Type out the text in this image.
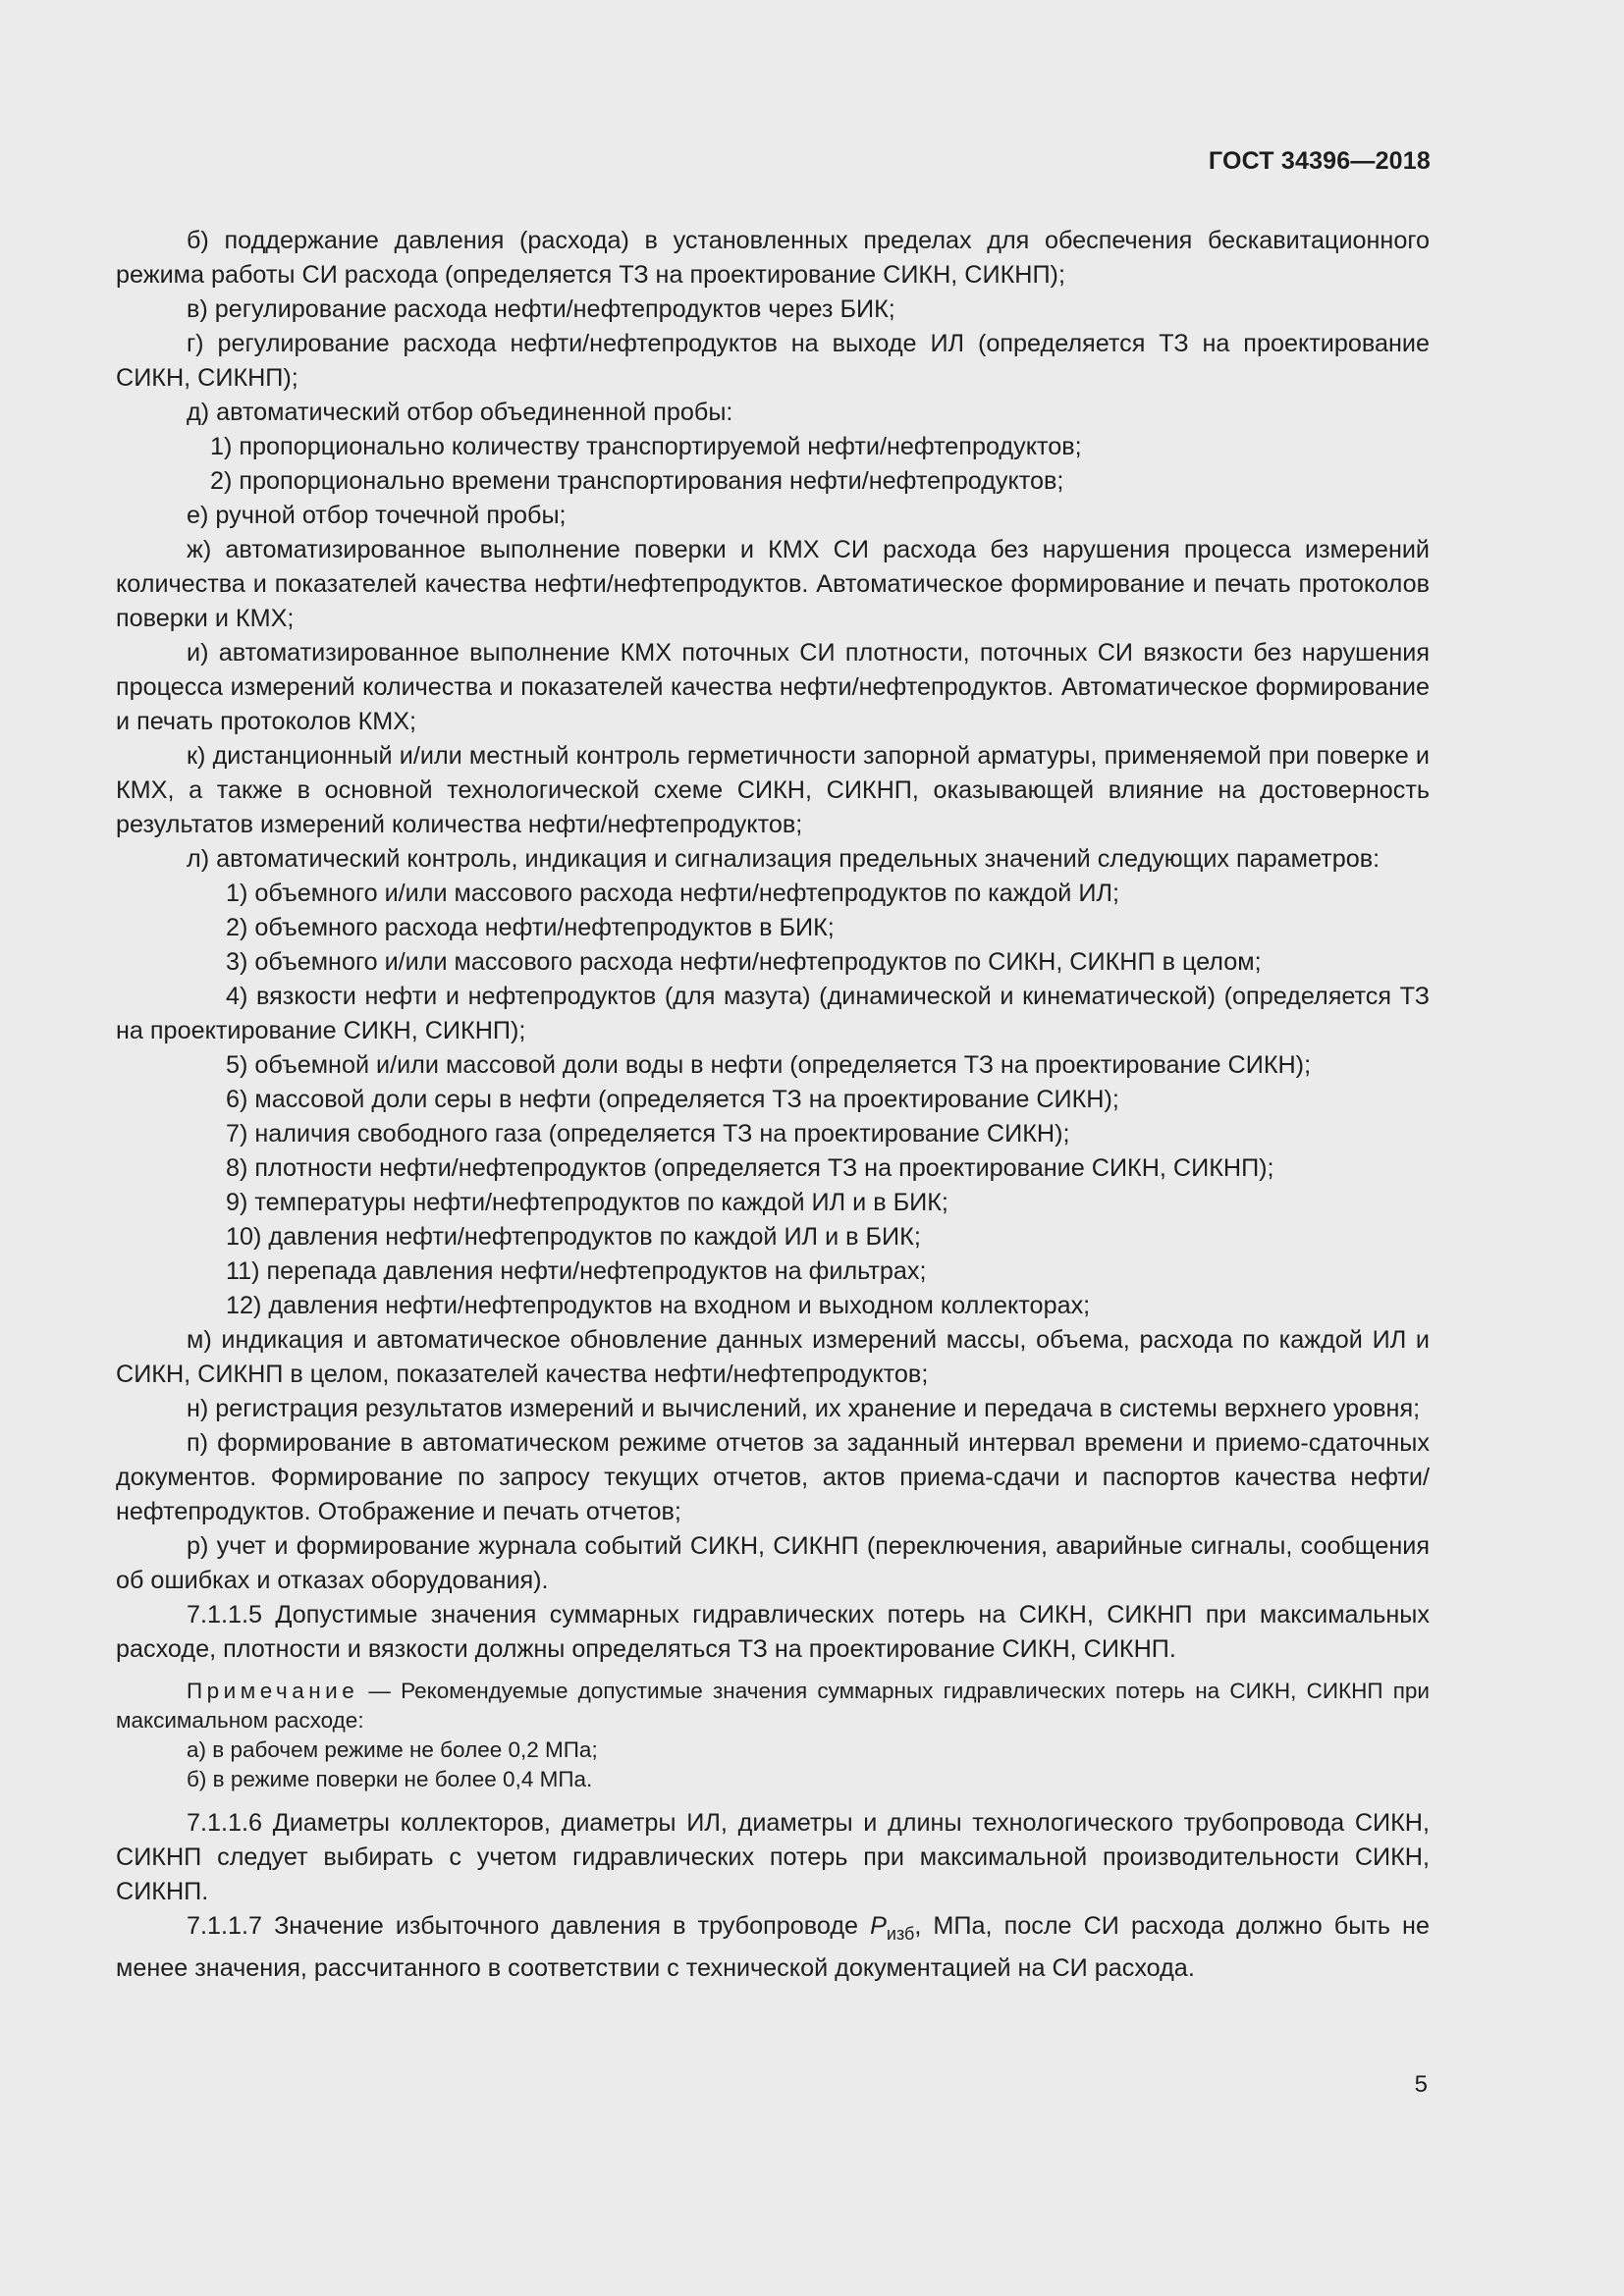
ГОСТ 34396—2018

б) поддержание давления (расхода) в установленных пределах для обеспечения бескавитационного режима работы СИ расхода (определяется ТЗ на проектирование СИКН, СИКНП);

в) регулирование расхода нефти/нефтепродуктов через БИК;

г) регулирование расхода нефти/нефтепродуктов на выходе ИЛ (определяется ТЗ на проектирование СИКН, СИКНП);

д) автоматический отбор объединенной пробы:

1) пропорционально количеству транспортируемой нефти/нефтепродуктов;

2) пропорционально времени транспортирования нефти/нефтепродуктов;

е) ручной отбор точечной пробы;

ж) автоматизированное выполнение поверки и КМХ СИ расхода без нарушения процесса измерений количества и показателей качества нефти/нефтепродуктов. Автоматическое формирование и печать протоколов поверки и КМХ;

и) автоматизированное выполнение КМХ поточных СИ плотности, поточных СИ вязкости без нарушения процесса измерений количества и показателей качества нефти/нефтепродуктов. Автоматическое формирование и печать протоколов КМХ;

к) дистанционный и/или местный контроль герметичности запорной арматуры, применяемой при поверке и КМХ, а также в основной технологической схеме СИКН, СИКНП, оказывающей влияние на достоверность результатов измерений количества нефти/нефтепродуктов;

л) автоматический контроль, индикация и сигнализация предельных значений следующих параметров:

1) объемного и/или массового расхода нефти/нефтепродуктов по каждой ИЛ;

2) объемного расхода нефти/нефтепродуктов в БИК;

3) объемного и/или массового расхода нефти/нефтепродуктов по СИКН, СИКНП в целом;

4) вязкости нефти и нефтепродуктов (для мазута) (динамической и кинематической) (определяется ТЗ на проектирование СИКН, СИКНП);

5) объемной и/или массовой доли воды в нефти (определяется ТЗ на проектирование СИКН);

6) массовой доли серы в нефти (определяется ТЗ на проектирование СИКН);

7) наличия свободного газа (определяется ТЗ на проектирование СИКН);

8) плотности нефти/нефтепродуктов (определяется ТЗ на проектирование СИКН, СИКНП);

9) температуры нефти/нефтепродуктов по каждой ИЛ и в БИК;

10) давления нефти/нефтепродуктов по каждой ИЛ и в БИК;

11) перепада давления нефти/нефтепродуктов на фильтрах;

12) давления нефти/нефтепродуктов на входном и выходном коллекторах;

м) индикация и автоматическое обновление данных измерений массы, объема, расхода по каждой ИЛ и СИКН, СИКНП в целом, показателей качества нефти/нефтепродуктов;

н) регистрация результатов измерений и вычислений, их хранение и передача в системы верхнего уровня;

п) формирование в автоматическом режиме отчетов за заданный интервал времени и приемо-сдаточных документов. Формирование по запросу текущих отчетов, актов приема-сдачи и паспортов качества нефти/нефтепродуктов. Отображение и печать отчетов;

р) учет и формирование журнала событий СИКН, СИКНП (переключения, аварийные сигналы, сообщения об ошибках и отказах оборудования).

7.1.1.5 Допустимые значения суммарных гидравлических потерь на СИКН, СИКНП при максимальных расходе, плотности и вязкости должны определяться ТЗ на проектирование СИКН, СИКНП.

Примечание — Рекомендуемые допустимые значения суммарных гидравлических потерь на СИКН, СИКНП при максимальном расходе:

а) в рабочем режиме не более 0,2 МПа;

б) в режиме поверки не более 0,4 МПа.

7.1.1.6 Диаметры коллекторов, диаметры ИЛ, диаметры и длины технологического трубопровода СИКН, СИКНП следует выбирать с учетом гидравлических потерь при максимальной производительности СИКН, СИКНП.

7.1.1.7 Значение избыточного давления в трубопроводе $P_{изб}$, МПа, после СИ расхода должно быть не менее значения, рассчитанного в соответствии с технической документацией на СИ расхода.

5
